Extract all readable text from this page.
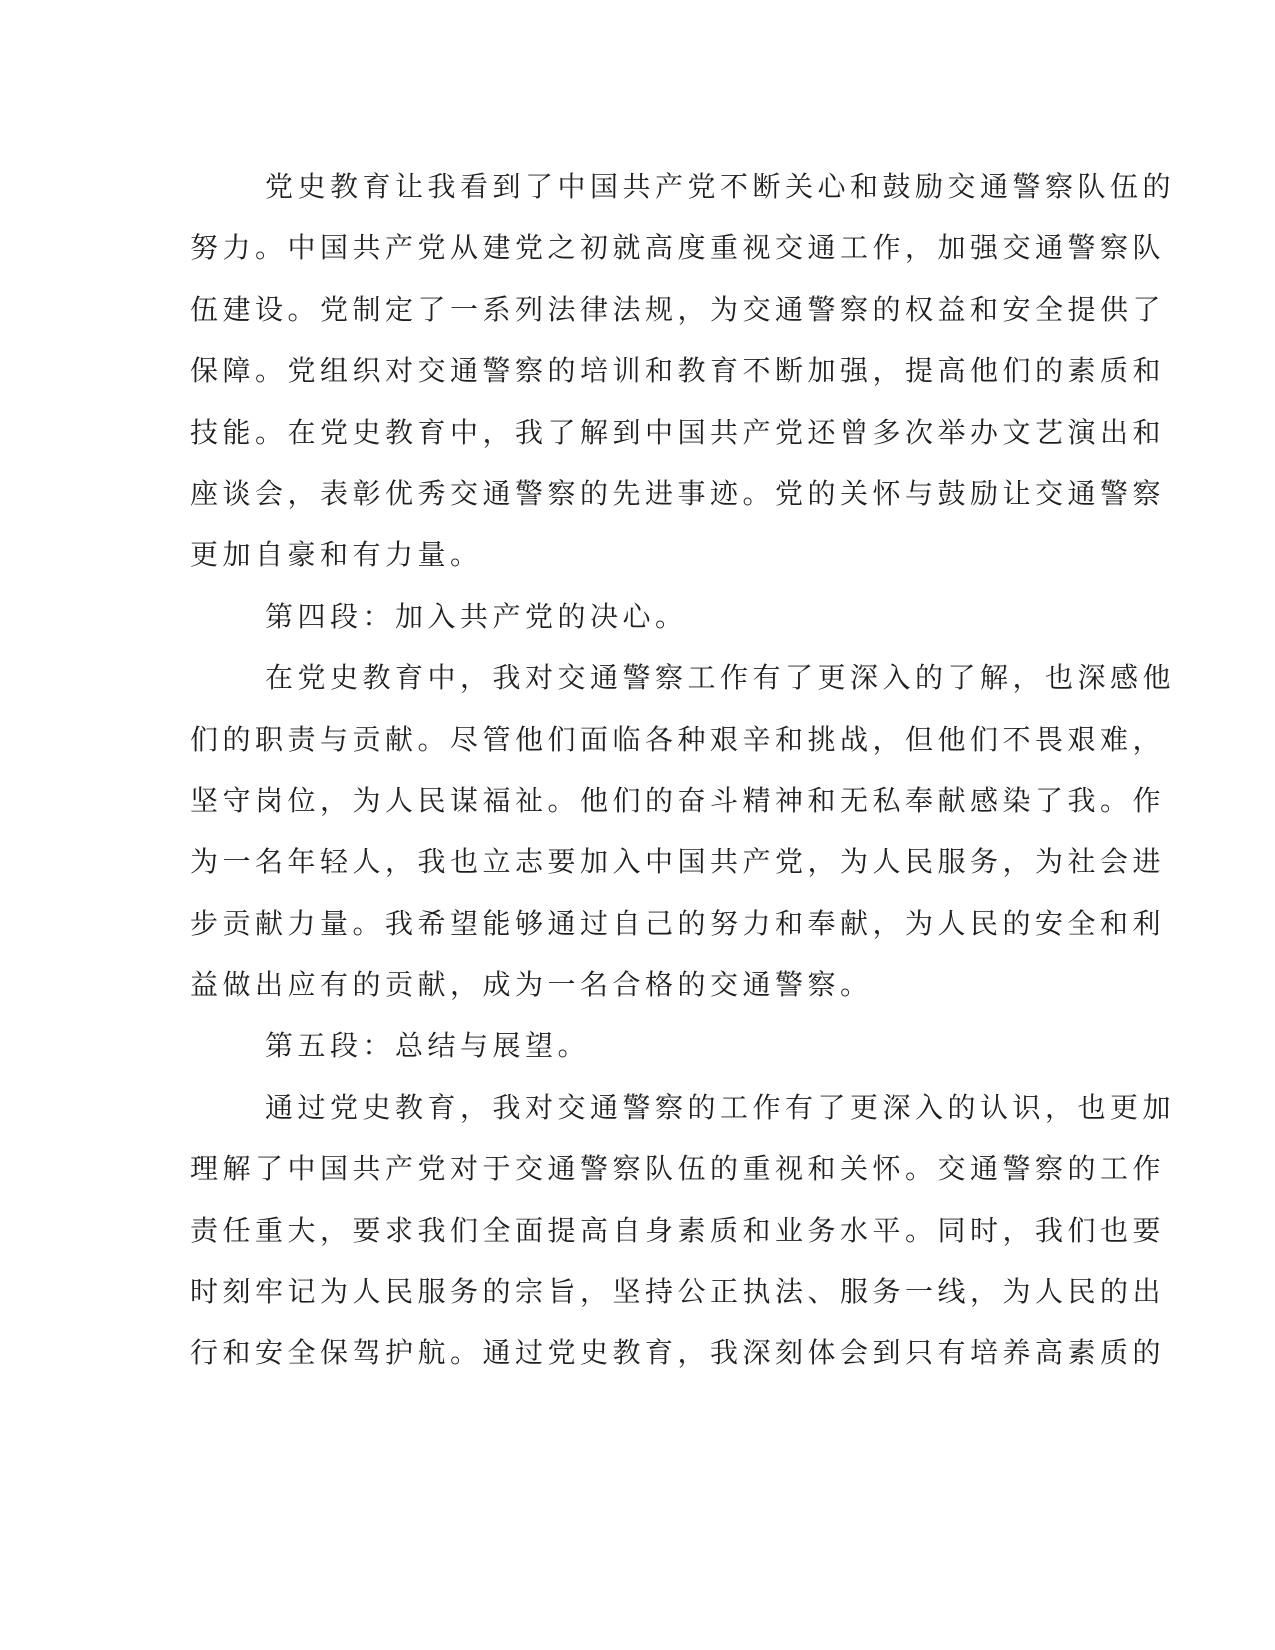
党史教育让我看到了中国共产党不断关心和鼓励交通警察队伍的
努力。中国共产党从建党之初就高度重视交通工作，加强交通警察队
伍建设。党制定了一系列法律法规，为交通警察的权益和安全提供了
保障。党组织对交通警察的培训和教育不断加强，提高他们的素质和
技能。在党史教育中，我了解到中国共产党还曾多次举办文艺演出和
座谈会，表彰优秀交通警察的先进事迹。党的关怀与鼓励让交通警察
更加自豪和有力量。
第四段：加入共产党的决心。
在党史教育中，我对交通警察工作有了更深入的了解，也深感他
们的职责与贡献。尽管他们面临各种艰辛和挑战，但他们不畏艰难，
坚守岗位，为人民谋福祉。他们的奋斗精神和无私奉献感染了我。作
为一名年轻人，我也立志要加入中国共产党，为人民服务，为社会进
步贡献力量。我希望能够通过自己的努力和奉献，为人民的安全和利
益做出应有的贡献，成为一名合格的交通警察。
第五段：总结与展望。
通过党史教育，我对交通警察的工作有了更深入的认识，也更加
理解了中国共产党对于交通警察队伍的重视和关怀。交通警察的工作
责任重大，要求我们全面提高自身素质和业务水平。同时，我们也要
时刻牢记为人民服务的宗旨，坚持公正执法、服务一线，为人民的出
行和安全保驾护航。通过党史教育，我深刻体会到只有培养高素质的
